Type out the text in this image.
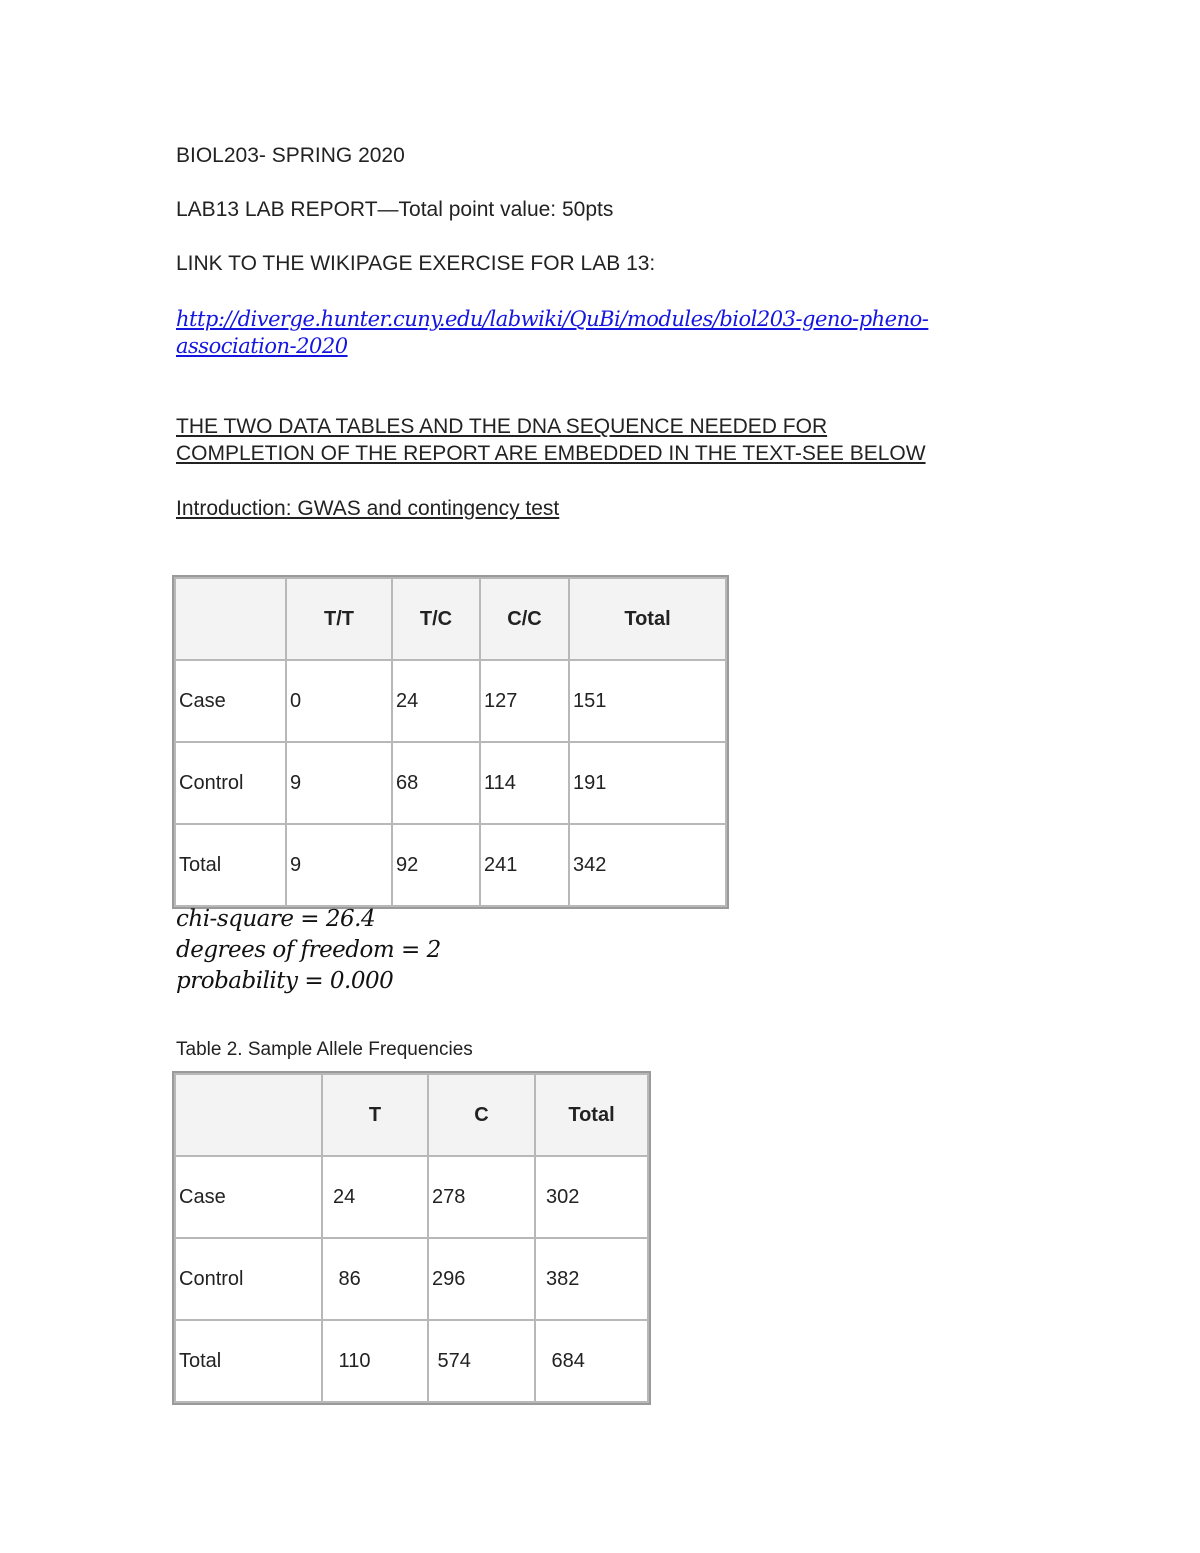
BIOL203- SPRING 2020
LAB13 LAB REPORT—Total point value: 50pts
LINK TO THE WIKIPAGE EXERCISE FOR LAB 13:
http://diverge.hunter.cuny.edu/labwiki/QuBi/modules/biol203-geno-pheno-
association-2020
THE TWO DATA TABLES AND THE DNA SEQUENCE NEEDED FOR
COMPLETION OF THE REPORT ARE EMBEDDED IN THE TEXT-SEE BELOW
Introduction: GWAS and contingency test
	T/T	T/C	C/C	Total
Case	0	24	127	151
Control	9	68	114	191
Total	9	92	241	342
chi-square = 26.4
degrees of freedom = 2
probability = 0.000
Table 2. Sample Allele Frequencies
	T	C	Total
Case	24	278	302
Control	86	296	382
Total	110	574	684
